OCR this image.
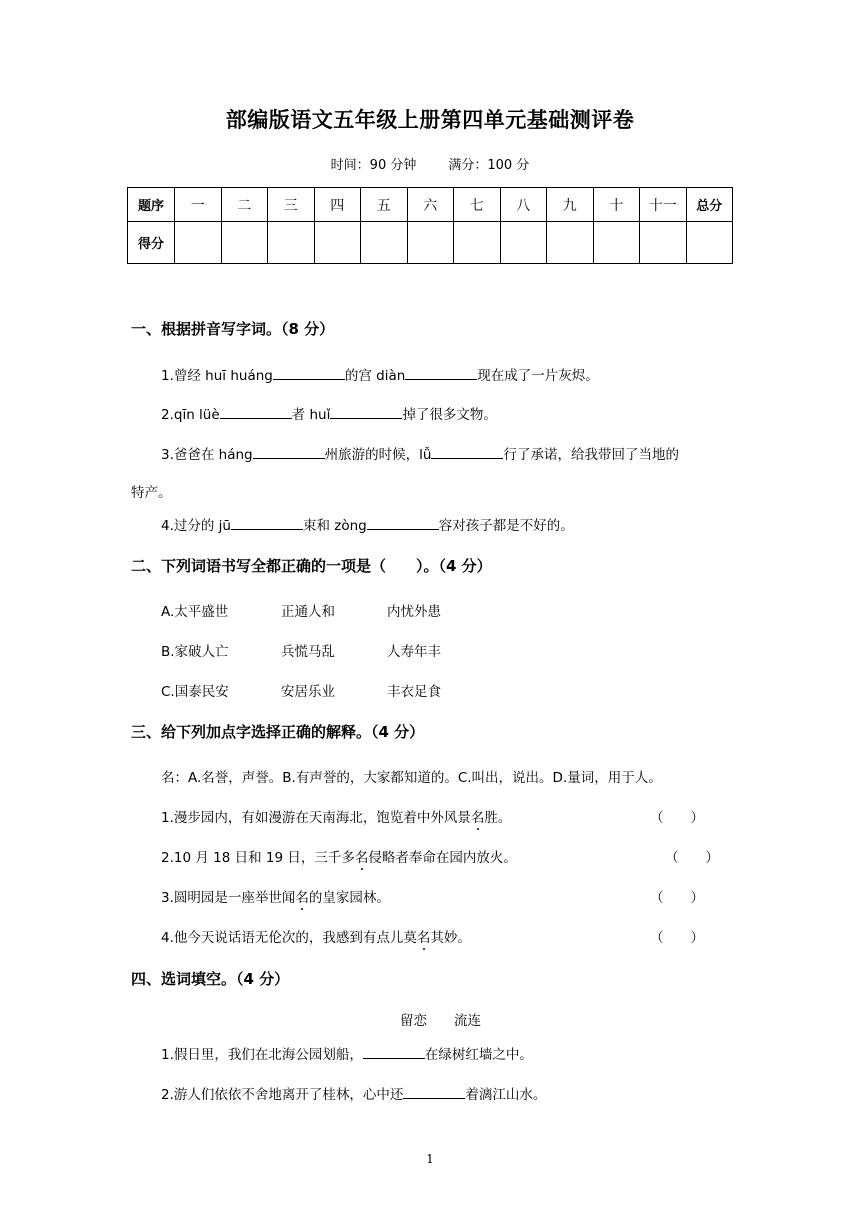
部编版语文五年级上册第四单元基础测评卷
时间：90 分钟 满分：100 分
题序	一	二	三	四	五	六	七	八	九	十	十一	总分
得分												
一、根据拼音写字词。（8 分）
1.曾经 huī huáng	的宫 diàn	现在成了一片灰烬。
2.qīn lüè	者 huǐ	掉了很多文物。
3.爸爸在 háng	州旅游的时候，lǚ	行了承诺，给我带回了当地的
特产。
4.过分的 jū	束和 zòng	容对孩子都是不好的。
二、下列词语书写全都正确的一项是（　　）。（4 分）
A.太平盛世	正通人和	内忧外患
B.家破人亡	兵慌马乱	人寿年丰
C.国泰民安	安居乐业	丰衣足食
三、给下列加点字选择正确的解释。（4 分）
名：A.名誉，声誉。B.有声誉的，大家都知道的。C.叫出，说出。D.量词，用于人。
1.漫步园内，有如漫游在天南海北，饱览着中外风景名胜。	（　　）
2.10 月 18 日和 19 日，三千多名侵略者奉命在园内放火。	（　　）
3.圆明园是一座举世闻名的皇家园林。	（　　）
4.他今天说话语无伦次的，我感到有点儿莫名其妙。	（　　）
四、选词填空。（4 分）
留恋　　流连
1.假日里，我们在北海公园划船，	在绿树红墙之中。
2.游人们依依不舍地离开了桂林，心中还	着漓江山水。
1
